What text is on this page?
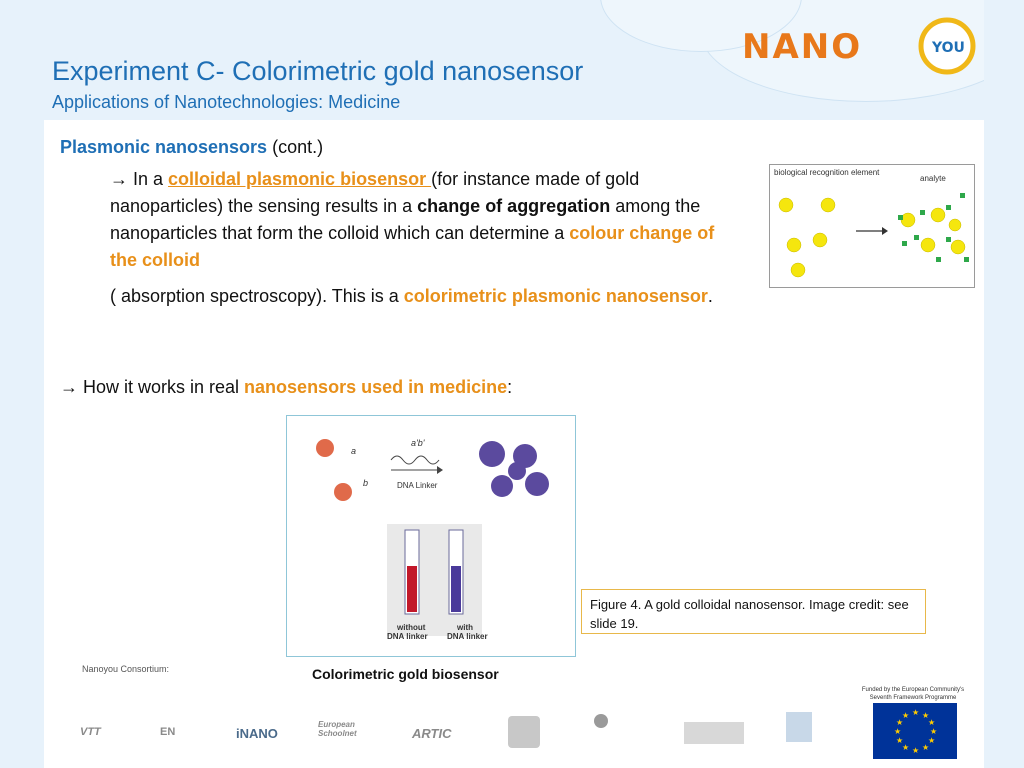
Experiment C- Colorimetric gold nanosensor
Applications of Nanotechnologies: Medicine
NANO	YOU
Plasmonic nanosensors (cont.)
→ In a colloidal plasmonic biosensor (for instance made of gold nanoparticles) the sensing results in a change of aggregation among the nanoparticles that form the colloid which can determine a colour change of the colloid
( absorption spectroscopy). This is a colorimetric plasmonic nanosensor.
→ How it works in real nanosensors used in medicine:
biological recognition element
analyte
a
b
a'b'
DNA Linker
without DNA linker
with DNA linker
Figure 4. A gold colloidal nanosensor. Image credit: see slide 19.
Colorimetric gold biosensor
Nanoyou Consortium:
VTT	EN	iNANO
European Schoolnet	ARTIC
Funded by the European Community's Seventh Framework Programme
★ ★
★
★
★
★
★
★
★
★
★
★
